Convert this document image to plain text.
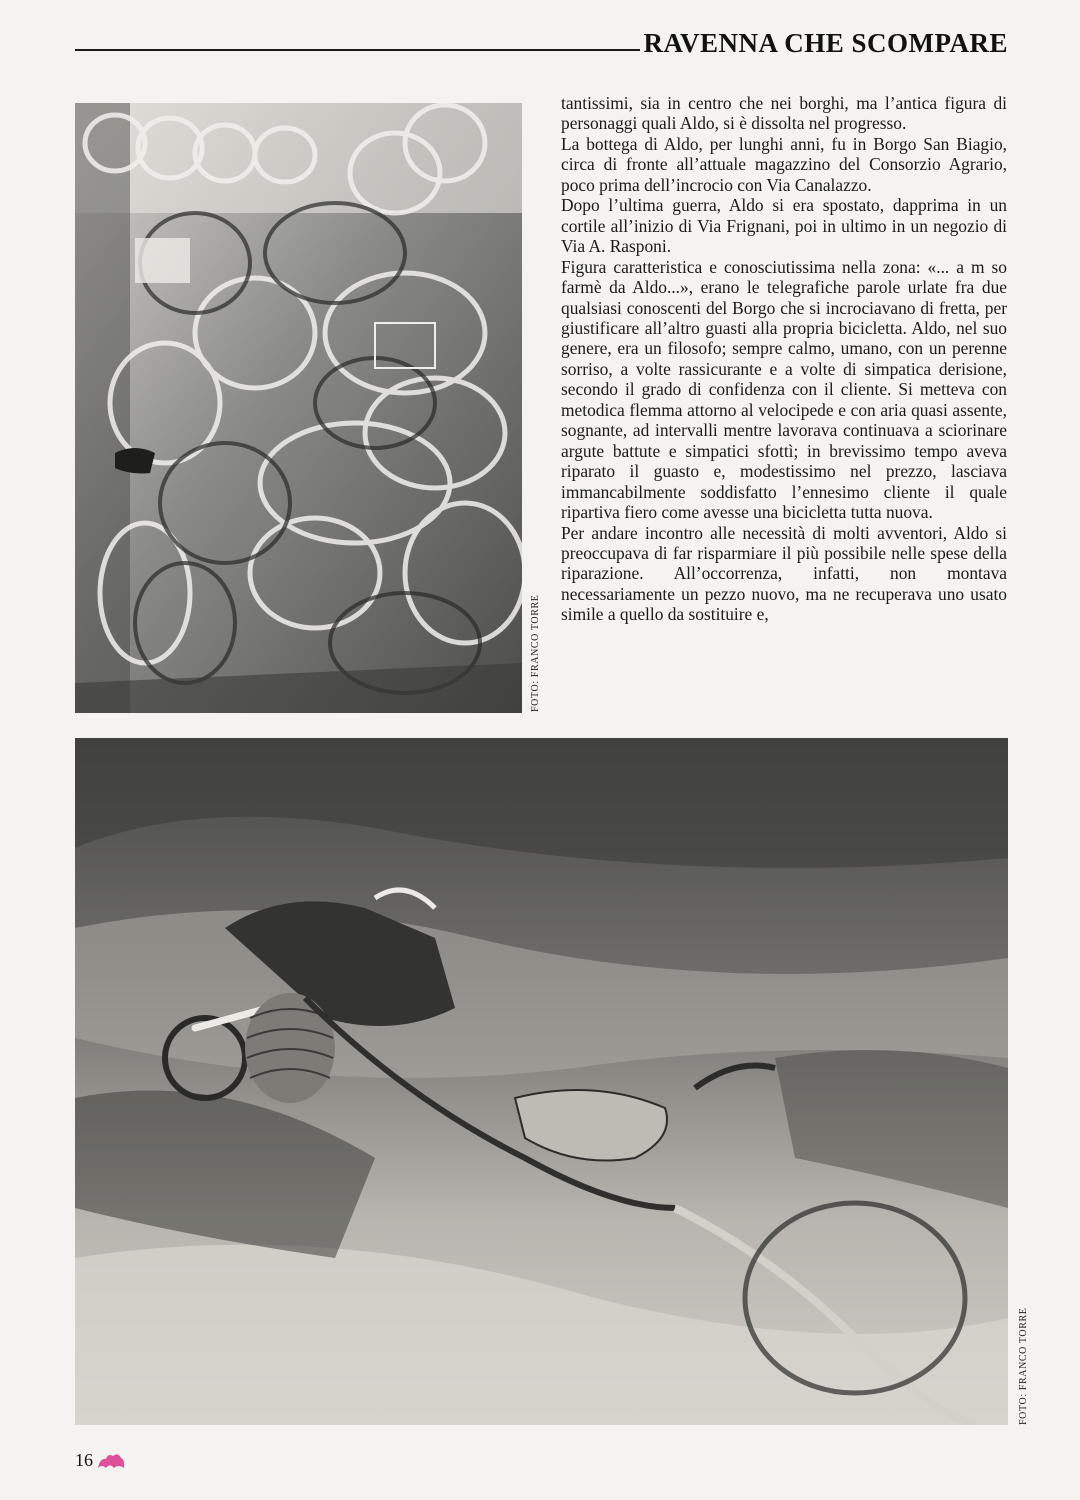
RAVENNA CHE SCOMPARE
FOTO: FRANCO TORRE

tantissimi, sia in centro che nei borghi, ma l’antica figura di personaggi quali Aldo, si è dissolta nel progresso.

La bottega di Aldo, per lunghi anni, fu in Borgo San Biagio, circa di fronte all’attuale magazzino del Consorzio Agrario, poco prima dell’incrocio con Via Canalazzo.

Dopo l’ultima guerra, Aldo si era spostato, dapprima in un cortile all’inizio di Via Frignani, poi in ultimo in un negozio di Via A. Rasponi.

Figura caratteristica e conosciutissima nella zona: «... a m so farmè da Aldo...», erano le telegrafiche parole urlate fra due qualsiasi conoscenti del Borgo che si incrociavano di fretta, per giustificare all’altro guasti alla propria bicicletta. Aldo, nel suo genere, era un filosofo; sempre calmo, umano, con un perenne sorriso, a volte rassicurante e a volte di simpatica derisione, secondo il grado di confidenza con il cliente. Si metteva con metodica flemma attorno al velocipede e con aria quasi assente, sognante, ad intervalli mentre lavorava continuava a sciorinare argute battute e simpatici sfottì; in brevissimo tempo aveva riparato il guasto e, modestissimo nel prezzo, lasciava immancabilmente soddisfatto l’ennesimo cliente il quale ripartiva fiero come avesse una bicicletta tutta nuova.

Per andare incontro alle necessità di molti avventori, Aldo si preoccupava di far risparmiare il più possibile nelle spese della riparazione. All’occorrenza, infatti, non montava necessariamente un pezzo nuovo, ma ne recuperava uno usato simile a quello da sostituire e,

FOTO: FRANCO TORRE
16
